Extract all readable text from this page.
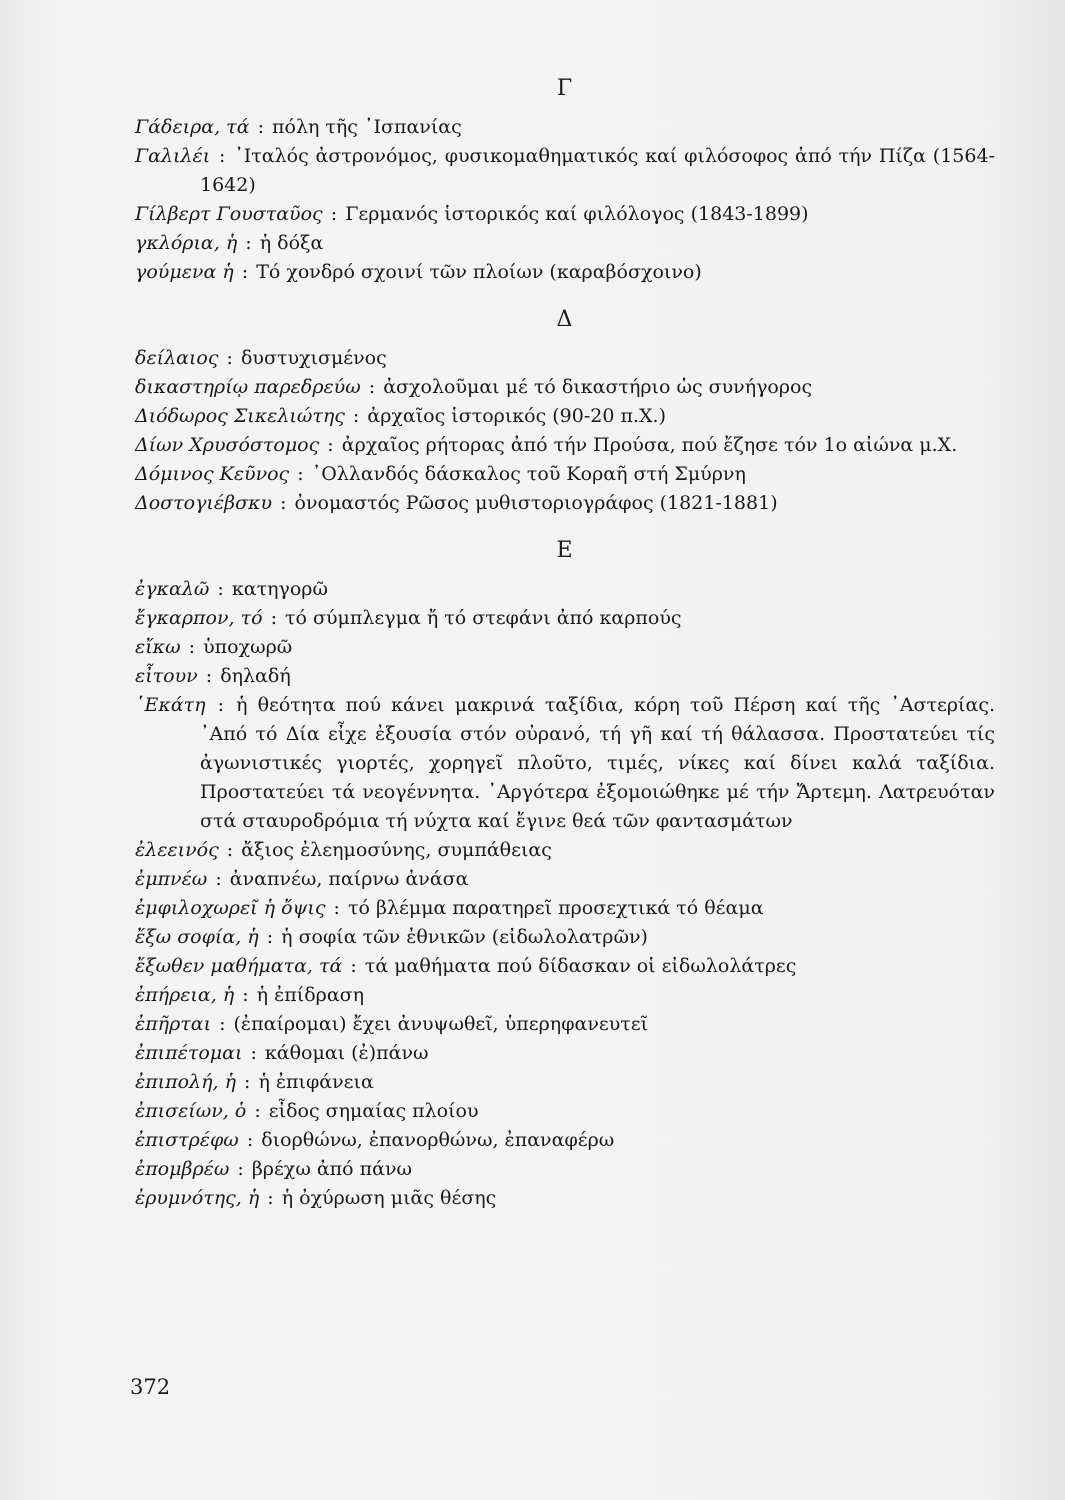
Γ

Γάδειρα, τά : πόλη τῆς ᾿Ισπανίας

Γαλιλέι : ᾿Ιταλός ἀστρονόμος, φυσικομαθηματικός καί φιλόσοφος ἀπό τήν Πίζα (1564-1642)

Γίλβερτ Γουσταῦος : Γερμανός ἱστορικός καί φιλόλογος (1843-1899)

γκλόρια, ἡ : ἡ δόξα

γούμενα ἡ : Τό χονδρό σχοινί τῶν πλοίων (καραβόσχοινο)

Δ

δείλαιος : δυστυχισμένος

δικαστηρίῳ παρεδρεύω : ἀσχολοῦμαι μέ τό δικαστήριο ὡς συνήγορος

Διόδωρος Σικελιώτης : ἀρχαῖος ἱστορικός (90-20 π.Χ.)

Δίων Χρυσόστομος : ἀρχαῖος ρήτορας ἀπό τήν Προύσα, πού ἔζησε τόν 1ο αἰώνα μ.Χ.

Δόμινος Κεῦνος : ᾿Ολλανδός δάσκαλος τοῦ Κοραῆ στή Σμύρνη

Δοστογιέβσκυ : ὀνομαστός Ρῶσος μυθιστοριογράφος (1821-1881)

Ε

ἐγκαλῶ : κατηγορῶ

ἔγκαρπον, τό : τό σύμπλεγμα ἤ τό στεφάνι ἀπό καρπούς

εἴκω : ὑποχωρῶ

εἶτουν : δηλαδή

῾Εκάτη : ἡ θεότητα πού κάνει μακρινά ταξίδια, κόρη τοῦ Πέρση καί τῆς ᾿Αστερίας. ᾿Από τό Δία εἶχε ἐξουσία στόν οὐρανό, τή γῆ καί τή θάλασσα. Προστατεύει τίς ἀγωνιστικές γιορτές, χορηγεῖ πλοῦτο, τιμές, νίκες καί δίνει καλά ταξίδια. Προστατεύει τά νεογέννητα. ᾿Αργότερα ἐξομοιώθηκε μέ τήν Ἄρτεμη. Λατρευόταν στά σταυροδρόμια τή νύχτα καί ἔγινε θεά τῶν φαντασμάτων

ἐλεεινός : ἄξιος ἐλεημοσύνης, συμπάθειας

ἐμπνέω : ἀναπνέω, παίρνω ἀνάσα

ἐμφιλοχωρεῖ ἡ ὄψις : τό βλέμμα παρατηρεῖ προσεχτικά τό θέαμα

ἔξω σοφία, ἡ : ἡ σοφία τῶν ἐθνικῶν (εἰδωλολατρῶν)

ἔξωθεν μαθήματα, τά : τά μαθήματα πού δίδασκαν οἱ εἰδωλολάτρες

ἐπήρεια, ἡ : ἡ ἐπίδραση

ἐπῆρται : (ἐπαίρομαι) ἔχει ἀνυψωθεῖ, ὑπερηφανευτεῖ

ἐπιπέτομαι : κάθομαι (ἐ)πάνω

ἐπιπολή, ἡ : ἡ ἐπιφάνεια

ἐπισείων, ὁ : εἶδος σημαίας πλοίου

ἐπιστρέφω : διορθώνω, ἐπανορθώνω, ἐπαναφέρω

ἐπομβρέω : βρέχω ἀπό πάνω

ἐρυμνότης, ἡ : ἡ ὀχύρωση μιᾶς θέσης

372
